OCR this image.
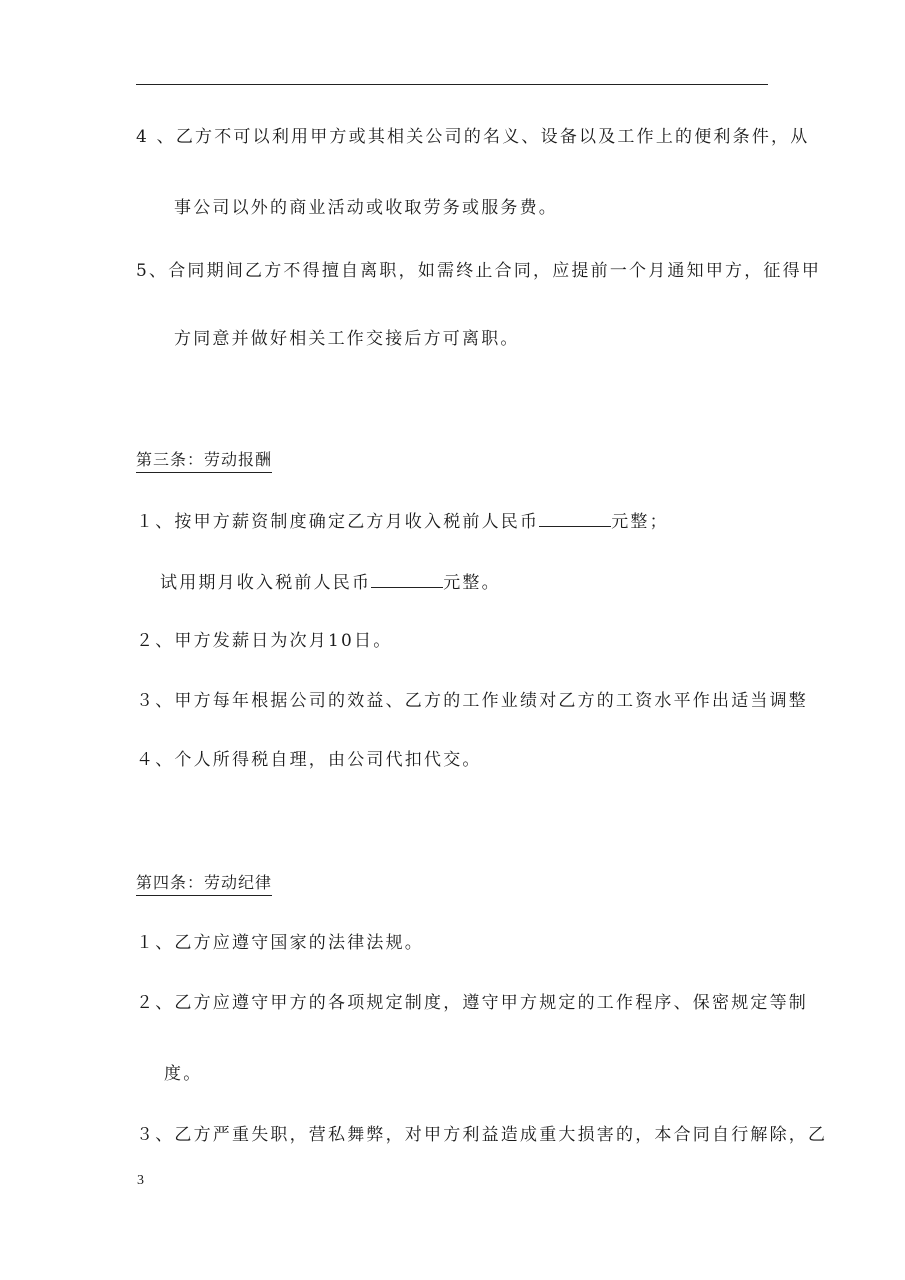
4 、乙方不可以利用甲方或其相关公司的名义、设备以及工作上的便利条件，从
事公司以外的商业活动或收取劳务或服务费。
5、合同期间乙方不得擅自离职，如需终止合同，应提前一个月通知甲方，征得甲
方同意并做好相关工作交接后方可离职。
第三条：劳动报酬
１、按甲方薪资制度确定乙方月收入税前人民币	元整；
试用期月收入税前人民币	元整。
２、甲方发薪日为次月10日。
３、甲方每年根据公司的效益、乙方的工作业绩对乙方的工资水平作出适当调整
４、个人所得税自理，由公司代扣代交。
第四条：劳动纪律
１、乙方应遵守国家的法律法规。
２、乙方应遵守甲方的各项规定制度，遵守甲方规定的工作程序、保密规定等制
度。
３、乙方严重失职，营私舞弊，对甲方利益造成重大损害的，本合同自行解除，乙
3
